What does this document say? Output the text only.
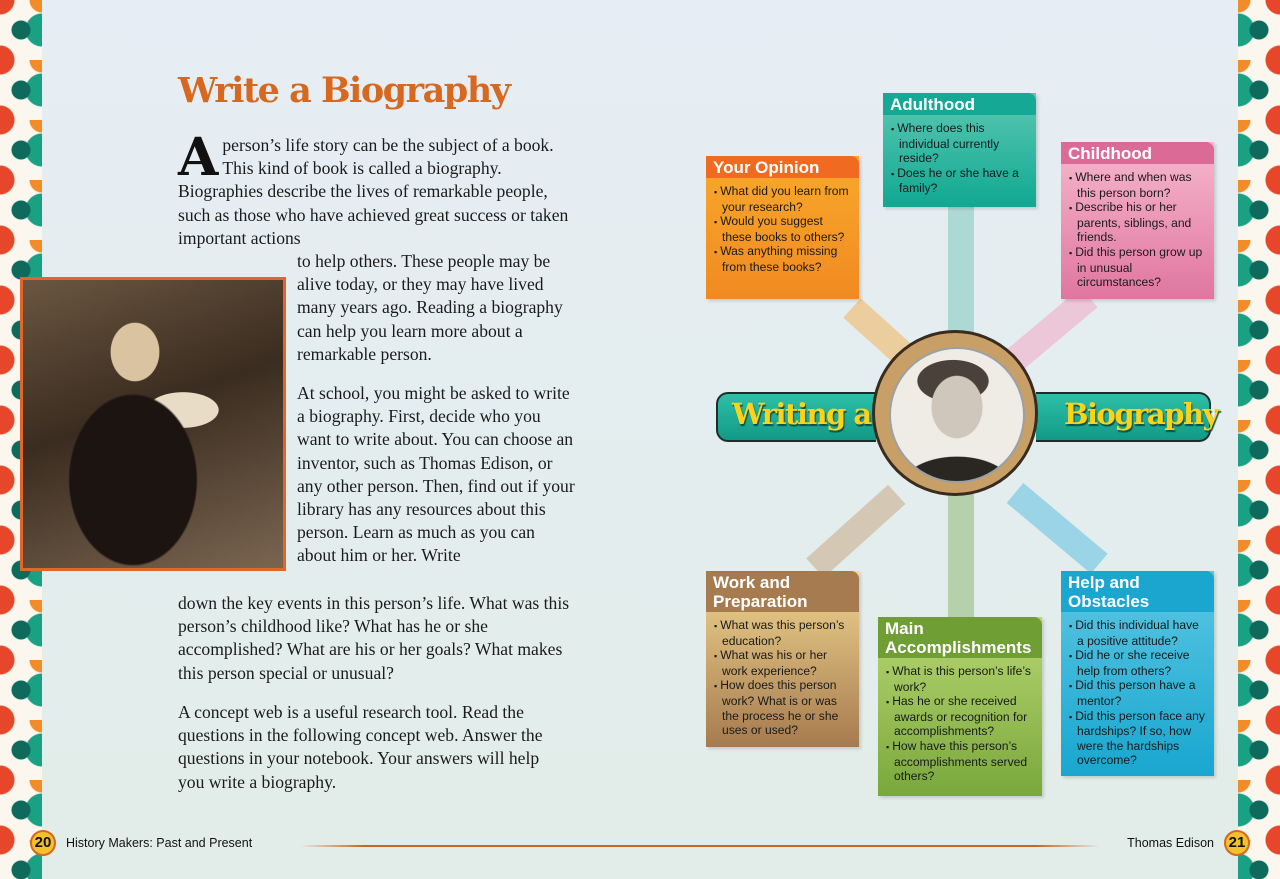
Write a Biography
Aperson’s life story can be the subject of a book. This kind of book is called a biography. Biographies describe the lives of remarkable people, such as those who have achieved great success or taken important actions
to help others. These people may be alive today, or they may have lived many years ago. Reading a biography can help you learn more about a remarkable person.
At school, you might be asked to write a biography. First, decide who you want to write about. You can choose an inventor, such as Thomas Edison, or any other person. Then, find out if your library has any resources about this person. Learn as much as you can about him or her. Write
down the key events in this person’s life. What was this person’s childhood like? What has he or she accomplished? What are his or her goals? What makes this person special or unusual?
A concept web is a useful research tool. Read the questions in the following concept web. Answer the questions in your notebook. Your answers will help you write a biography.
Writing a	Biography
Your Opinion
▪ What did you learn from your research?
▪ Would you suggest these books to others?
▪ Was anything missing from these books?
Adulthood
▪ Where does this individual currently reside?
▪ Does he or she have a family?
Childhood
▪ Where and when was this person born?
▪ Describe his or her parents, siblings, and friends.
▪ Did this person grow up in unusual circumstances?
Work and Preparation
▪ What was this person’s education?
▪ What was his or her work experience?
▪ How does this person work? What is or was the process he or she uses or used?
Main Accomplishments
▪ What is this person’s life’s work?
▪ Has he or she received awards or recognition for accomplishments?
▪ How have this person’s accomplishments served others?
Help and Obstacles
▪ Did this individual have a positive attitude?
▪ Did he or she receive help from others?
▪ Did this person have a mentor?
▪ Did this person face any hardships? If so, how were the hardships overcome?
20	History Makers: Past and Present	Thomas Edison 21
